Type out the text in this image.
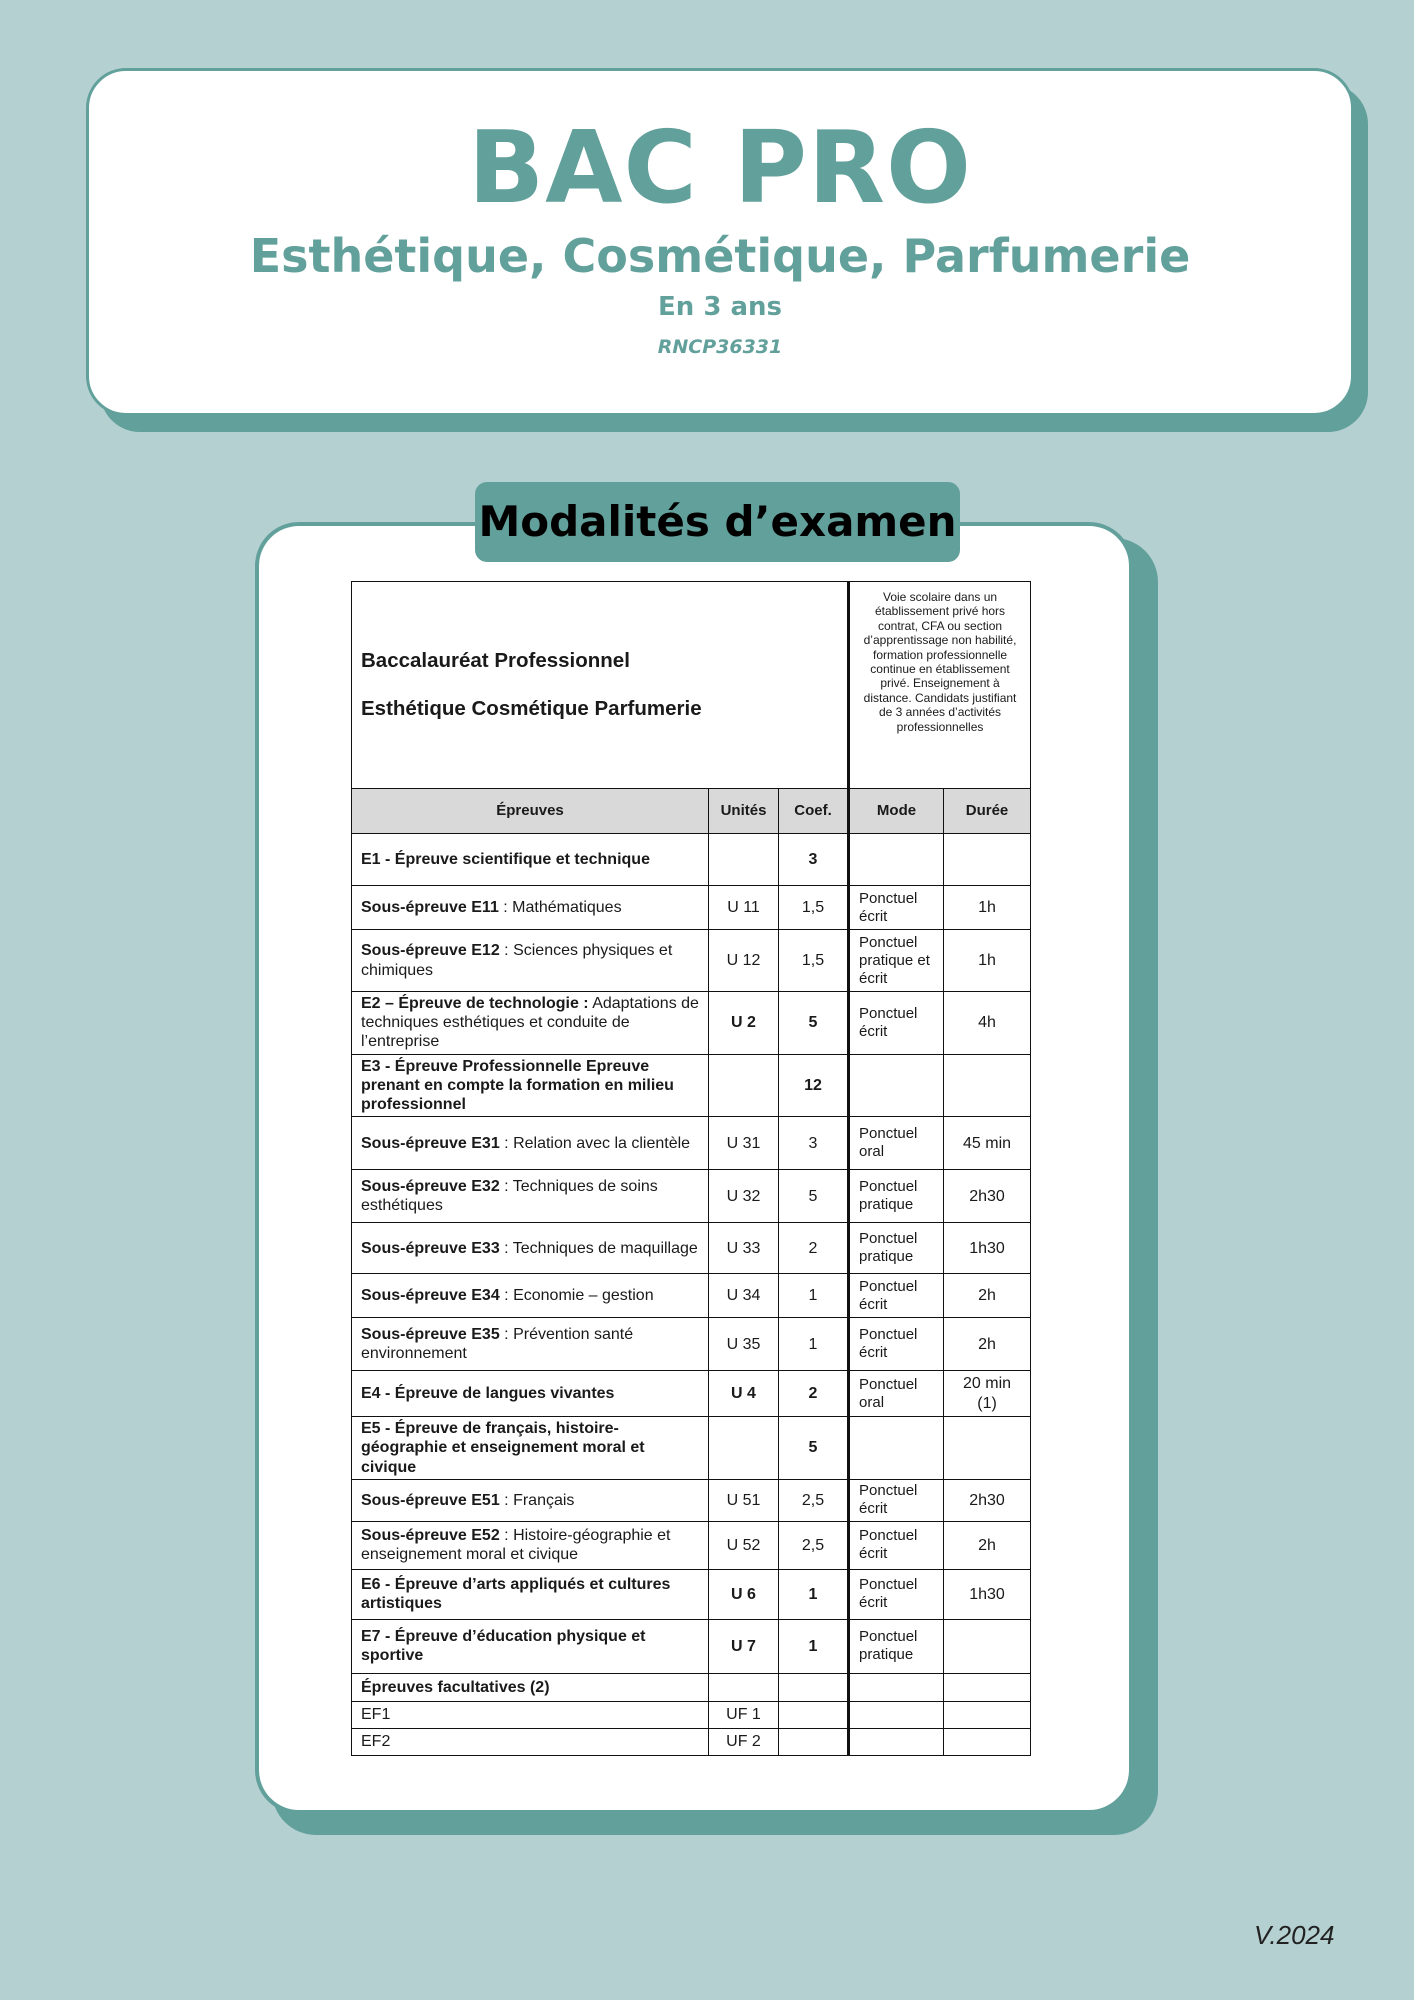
BAC PRO
Esthétique, Cosmétique, Parfumerie
En 3 ans
RNCP36331
Modalités d’examen
Baccalauréat Professionnel
Esthétique Cosmétique Parfumerie			Voie scolaire dans un établissement privé hors contrat, CFA ou section d’apprentissage non habilité, formation professionnelle continue en établissement privé. Enseignement à distance. Candidats justifiant de 3 années d’activités professionnelles	
Épreuves	Unités	Coef.	Mode	Durée
E1 - Épreuve scientifique et technique		3		
Sous-épreuve E11 : Mathématiques	U 11	1,5	Ponctuel écrit	1h
Sous-épreuve E12 : Sciences physiques et chimiques	U 12	1,5	Ponctuel pratique et écrit	1h
E2 – Épreuve de technologie : Adaptations de techniques esthétiques et conduite de l’entreprise	U 2	5	Ponctuel écrit	4h
E3 - Épreuve Professionnelle Epreuve prenant en compte la formation en milieu professionnel		12		
Sous-épreuve E31 : Relation avec la clientèle	U 31	3	Ponctuel oral	45 min
Sous-épreuve E32 : Techniques de soins esthétiques	U 32	5	Ponctuel pratique	2h30
Sous-épreuve E33 : Techniques de maquillage	U 33	2	Ponctuel pratique	1h30
Sous-épreuve E34 : Economie – gestion	U 34	1	Ponctuel écrit	2h
Sous-épreuve E35 : Prévention santé environnement	U 35	1	Ponctuel écrit	2h
E4 - Épreuve de langues vivantes	U 4	2	Ponctuel oral	20 min (1)
E5 - Épreuve de français, histoire-géographie et enseignement moral et civique		5		
Sous-épreuve E51 : Français	U 51	2,5	Ponctuel écrit	2h30
Sous-épreuve E52 : Histoire-géographie et enseignement moral et civique	U 52	2,5	Ponctuel écrit	2h
E6 - Épreuve d’arts appliqués et cultures artistiques	U 6	1	Ponctuel écrit	1h30
E7 - Épreuve d’éducation physique et sportive	U 7	1	Ponctuel pratique	
Épreuves facultatives (2)				
EF1	UF 1			
EF2	UF 2			
V.2024
